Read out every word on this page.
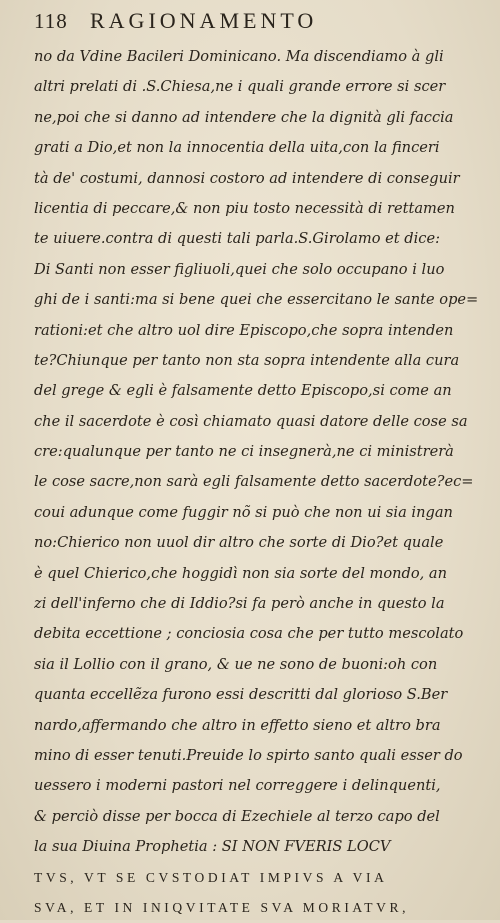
118	RAGIONAMENTO
no da Vdine Bacileri Dominicano. Ma discendiamo à gli
altri prelati di .S.Chiesa,ne i quali grande errore si scer
ne,poi che si danno ad intendere che la dignità gli faccia
grati a Dio,et non la innocentia della uita,con la finceri
tà de' costumi, dannosi costoro ad intendere di conseguir
licentia di peccare,& non piu tosto necessità di rettamen
te uiuere.contra di questi tali parla.S.Girolamo et dice:
Di Santi non esser figliuoli,quei che solo occupano i luo
ghi de i santi:ma si bene quei che essercitano le sante ope=
rationi:et che altro uol dire Episcopo,che sopra intenden
te?Chiunque per tanto non sta sopra intendente alla cura
del grege & egli è falsamente detto Episcopo,si come an
che il sacerdote è così chiamato quasi datore delle cose sa
cre:qualunque per tanto ne ci insegnerà,ne ci ministrerà
le cose sacre,non sarà egli falsamente detto sacerdote?ec=
coui adunque come fuggir nõ si può che non ui sia ingan
no:Chierico non uuol dir altro che sorte di Dio?et quale
è quel Chierico,che hoggidì non sia sorte del mondo, an
zi dell'inferno che di Iddio?si fa però anche in questo la
debita eccettione ; conciosia cosa che per tutto mescolato
sia il Lollio con il grano, & ue ne sono de buoni:oh con
quanta eccellẽza furono essi descritti dal glorioso S.Ber
nardo,affermando che altro in effetto sieno et altro bra
mino di esser tenuti.Preuide lo spirto santo quali esser do
uessero i moderni pastori nel correggere i delinquenti,
& perciò disse per bocca di Ezechiele al terzo capo del
la sua Diuina Prophetia : SI NON FVERIS LOCV
TVS, VT SE CVSTODIAT IMPIVS A VIA
SVA, ET IN INIQVITATE SVA MORIATVR,
